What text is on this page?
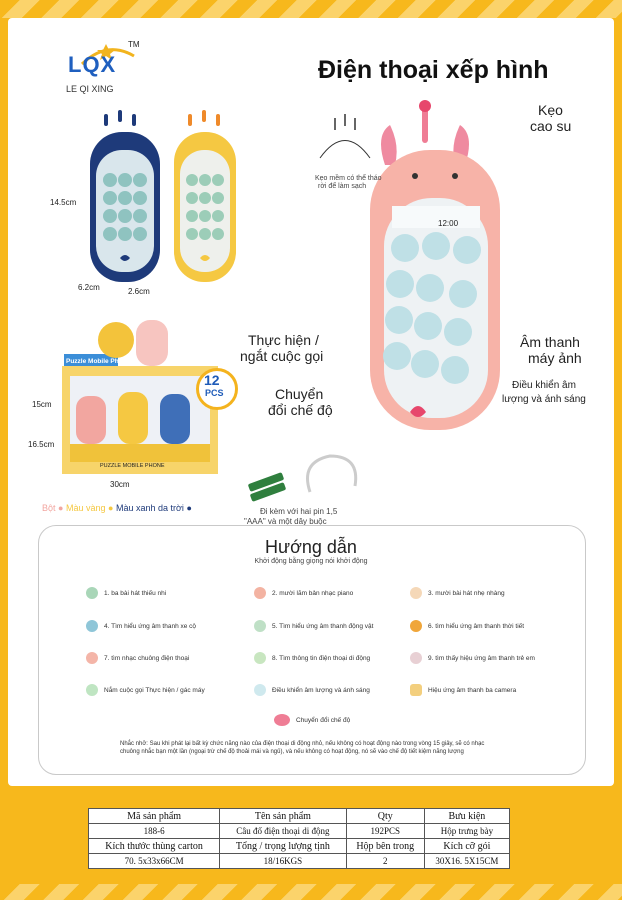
LQX
TM
LE QI XING
Điện thoại xếp hình
14.5cm
6.2cm	2.6cm
Puzzle Mobile Phone
PUZZLE MOBILE PHONE
12
PCS
15cm
16.5cm
30cm
Bột ● Màu vàng ● Màu xanh da trời ●
12:00
Kẹo mềm có thể tháo
rời để làm sạch
Kẹo
cao su
Thực hiện /
ngắt cuộc gọi
Chuyển
đổi chế độ
Âm thanh
máy ảnh
Điều khiển âm
lượng và ánh sáng
Đi kèm với hai pin 1,5
"AAA" và một dây buộc
Hướng dẫn
Khởi động bằng giọng nói khởi động
1. ba bài hát thiếu nhi	2. mười lăm bản nhạc piano	3. mười bài hát nhẹ nhàng
4. Tìm hiểu ứng âm thanh xe cộ	5. Tìm hiểu ứng âm thanh động vật	6. tìm hiểu ứng âm thanh thời tiết
7. tìm nhạc chuông điện thoại	8. Tìm thông tin điện thoại di động	9. tìm thấy hiệu ứng âm thanh trẻ em
Nắm cuộc gọi Thực hiện / gác máy	Điều khiển âm lượng và ánh sáng	Hiệu ứng âm thanh ba camera
Chuyển đổi chế độ
Nhắc nhở: Sau khi phát lại bất kỳ chức năng nào của điện thoại di động nhỏ, nếu không có hoạt động nào trong vòng 15 giây, sẽ có nhạc chuông nhắc bạn một lần (ngoại trừ chế độ thoải mái và ngủ), và nếu không có hoạt động, nó sẽ vào chế độ tiết kiệm năng lượng
Mã sản phẩm	Tên sản phẩm	Qty	Bưu kiện
188-6	Câu đố điện thoại di động	192PCS	Hộp trưng bày
Kích thước thùng carton	Tổng / trọng lượng tịnh	Hộp bên trong	Kích cỡ gói
70. 5x33x66CM	18/16KGS	2	30X16. 5X15CM
